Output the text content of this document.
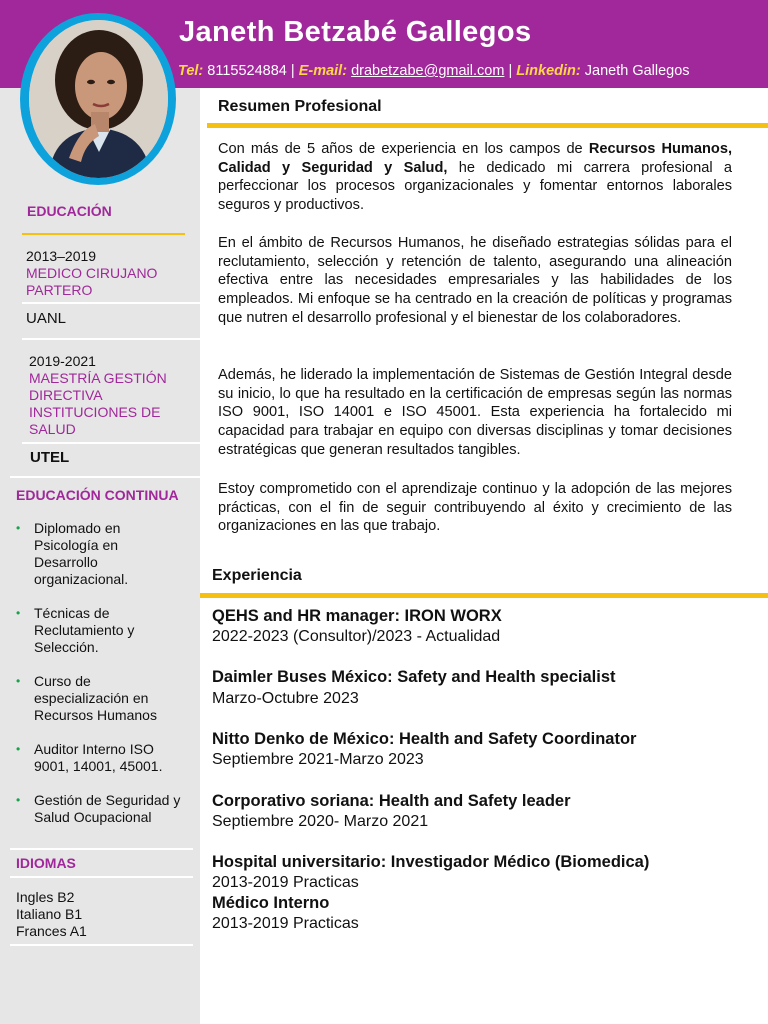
Janeth Betzabé Gallegos
Tel: 8115524884 | E-mail: drabetzabe@gmail.com | Linkedin: Janeth Gallegos
EDUCACIÓN
2013–2019
MEDICO CIRUJANO
PARTERO
UANL
2019-2021
MAESTRÍA GESTIÓN
DIRECTIVA
INSTITUCIONES DE
SALUD
UTEL
EDUCACIÓN CONTINUA
• Diplomado en
Psicología en
Desarrollo
organizacional.
• Técnicas de
Reclutamiento y
Selección.
• Curso de
especialización en
Recursos Humanos
• Auditor Interno ISO
9001, 14001, 45001.
• Gestión de Seguridad y
Salud Ocupacional
IDIOMAS
Ingles B2
Italiano B1
Frances A1
Resumen Profesional
Con más de 5 años de experiencia en los campos de Recursos Humanos, Calidad y Seguridad y Salud, he dedicado mi carrera profesional a perfeccionar los procesos organizacionales y fomentar entornos laborales seguros y productivos.
En el ámbito de Recursos Humanos, he diseñado estrategias sólidas para el reclutamiento, selección y retención de talento, asegurando una alineación efectiva entre las necesidades empresariales y las habilidades de los empleados. Mi enfoque se ha centrado en la creación de políticas y programas que nutren el desarrollo profesional y el bienestar de los colaboradores.
Además, he liderado la implementación de Sistemas de Gestión Integral desde su inicio, lo que ha resultado en la certificación de empresas según las normas ISO 9001, ISO 14001 e ISO 45001. Esta experiencia ha fortalecido mi capacidad para trabajar en equipo con diversas disciplinas y tomar decisiones estratégicas que generan resultados tangibles.
Estoy comprometido con el aprendizaje continuo y la adopción de las mejores prácticas, con el fin de seguir contribuyendo al éxito y crecimiento de las organizaciones en las que trabajo.
Experiencia
QEHS and HR manager: IRON WORX
2022-2023 (Consultor)/2023 - Actualidad
Daimler Buses México: Safety and Health specialist
Marzo-Octubre 2023
Nitto Denko de México: Health and Safety Coordinator
Septiembre 2021-Marzo 2023
Corporativo soriana: Health and Safety leader
Septiembre 2020- Marzo 2021
Hospital universitario: Investigador Médico (Biomedica)
2013-2019 Practicas
Médico Interno
2013-2019 Practicas
